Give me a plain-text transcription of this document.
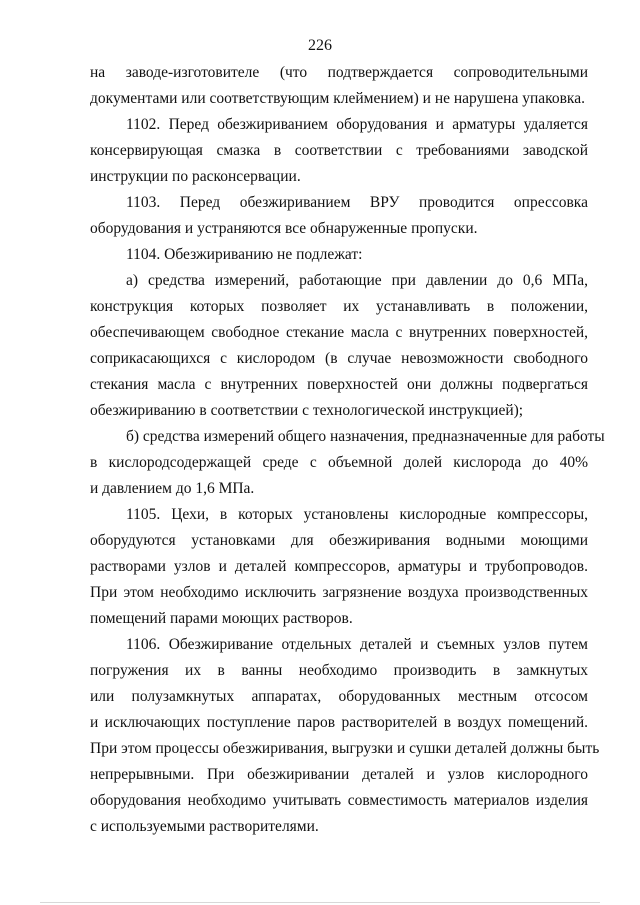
226
на заводе-изготовителе (что подтверждается сопроводительными
документами или соответствующим клеймением) и не нарушена упаковка.
1102. Перед обезжириванием оборудования и арматуры удаляется
консервирующая смазка в соответствии с требованиями заводской
инструкции по расконсервации.
1103. Перед обезжириванием ВРУ проводится опрессовка
оборудования и устраняются все обнаруженные пропуски.
1104. Обезжириванию не подлежат:
а) средства измерений, работающие при давлении до 0,6 МПа,
конструкция которых позволяет их устанавливать в положении,
обеспечивающем свободное стекание масла с внутренних поверхностей,
соприкасающихся с кислородом (в случае невозможности свободного
стекания масла с внутренних поверхностей они должны подвергаться
обезжириванию в соответствии с технологической инструкцией);
б) средства измерений общего назначения, предназначенные для работы
в кислородсодержащей среде с объемной долей кислорода до 40%
и давлением до 1,6 МПа.
1105. Цехи, в которых установлены кислородные компрессоры,
оборудуются установками для обезжиривания водными моющими
растворами узлов и деталей компрессоров, арматуры и трубопроводов.
При этом необходимо исключить загрязнение воздуха производственных
помещений парами моющих растворов.
1106. Обезжиривание отдельных деталей и съемных узлов путем
погружения их в ванны необходимо производить в замкнутых
или полузамкнутых аппаратах, оборудованных местным отсосом
и исключающих поступление паров растворителей в воздух помещений.
При этом процессы обезжиривания, выгрузки и сушки деталей должны быть
непрерывными. При обезжиривании деталей и узлов кислородного
оборудования необходимо учитывать совместимость материалов изделия
с используемыми растворителями.
